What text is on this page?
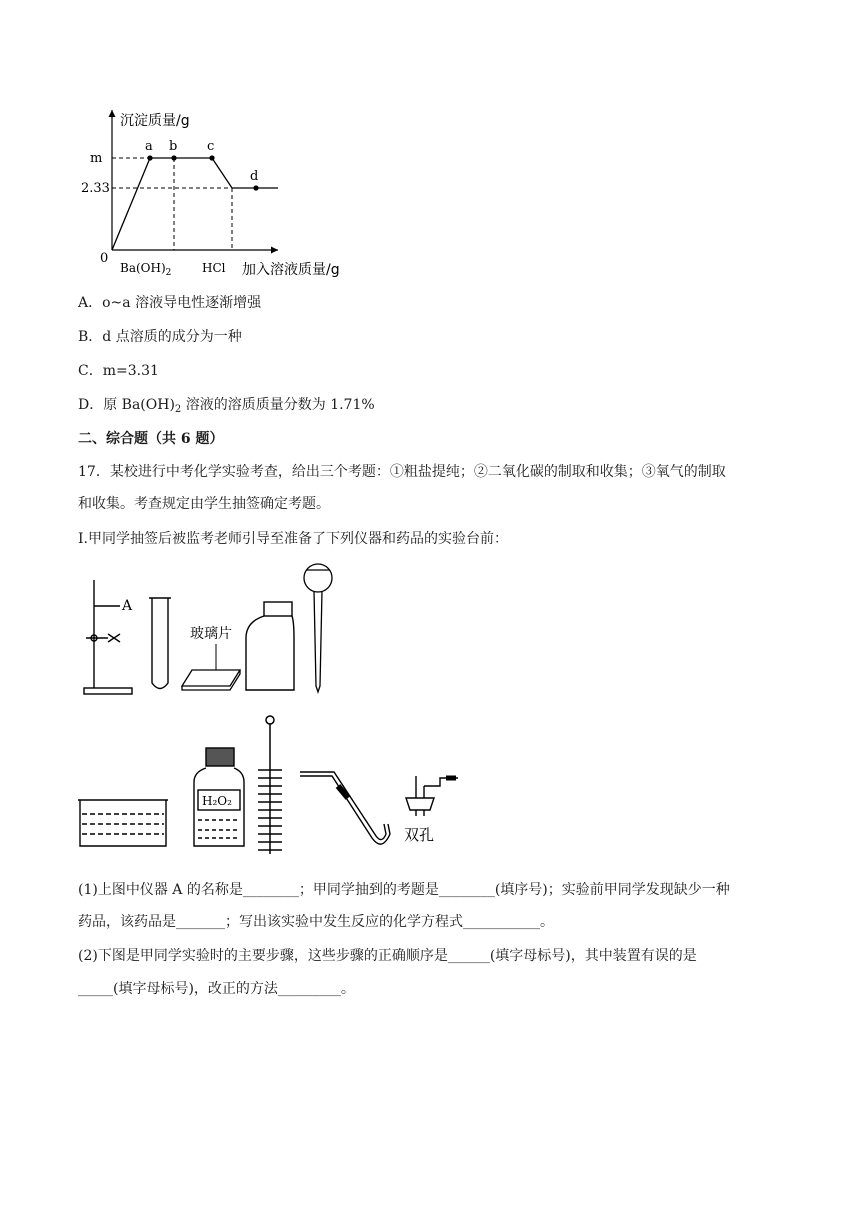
沉淀质量/g
m
2.33
0
a b c
d
$Ba(OH)_2$	HCl 加入溶液质量/g
A．o~a 溶液导电性逐渐增强
B．d 点溶质的成分为一种
C．m=3.31
D．原 $Ba(OH)_2$ 溶液的溶质质量分数为 1.71%
二、综合题（共 6 题）
17．某校进行中考化学实验考查，给出三个考题：①粗盐提纯；②二氧化碳的制取和收集；③氧气的制取
和收集。考查规定由学生抽签确定考题。
I.甲同学抽签后被监考老师引导至准备了下列仪器和药品的实验台前：
A
玻璃片
H₂O₂
双孔
(1)上图中仪器 A 的名称是________；甲同学抽到的考题是________(填序号)；实验前甲同学发现缺少一种
药品，该药品是_______；写出该实验中发生反应的化学方程式___________。
(2)下图是甲同学实验时的主要步骤，这些步骤的正确顺序是______(填字母标号)，其中装置有误的是
_____(填字母标号)，改正的方法_________。
